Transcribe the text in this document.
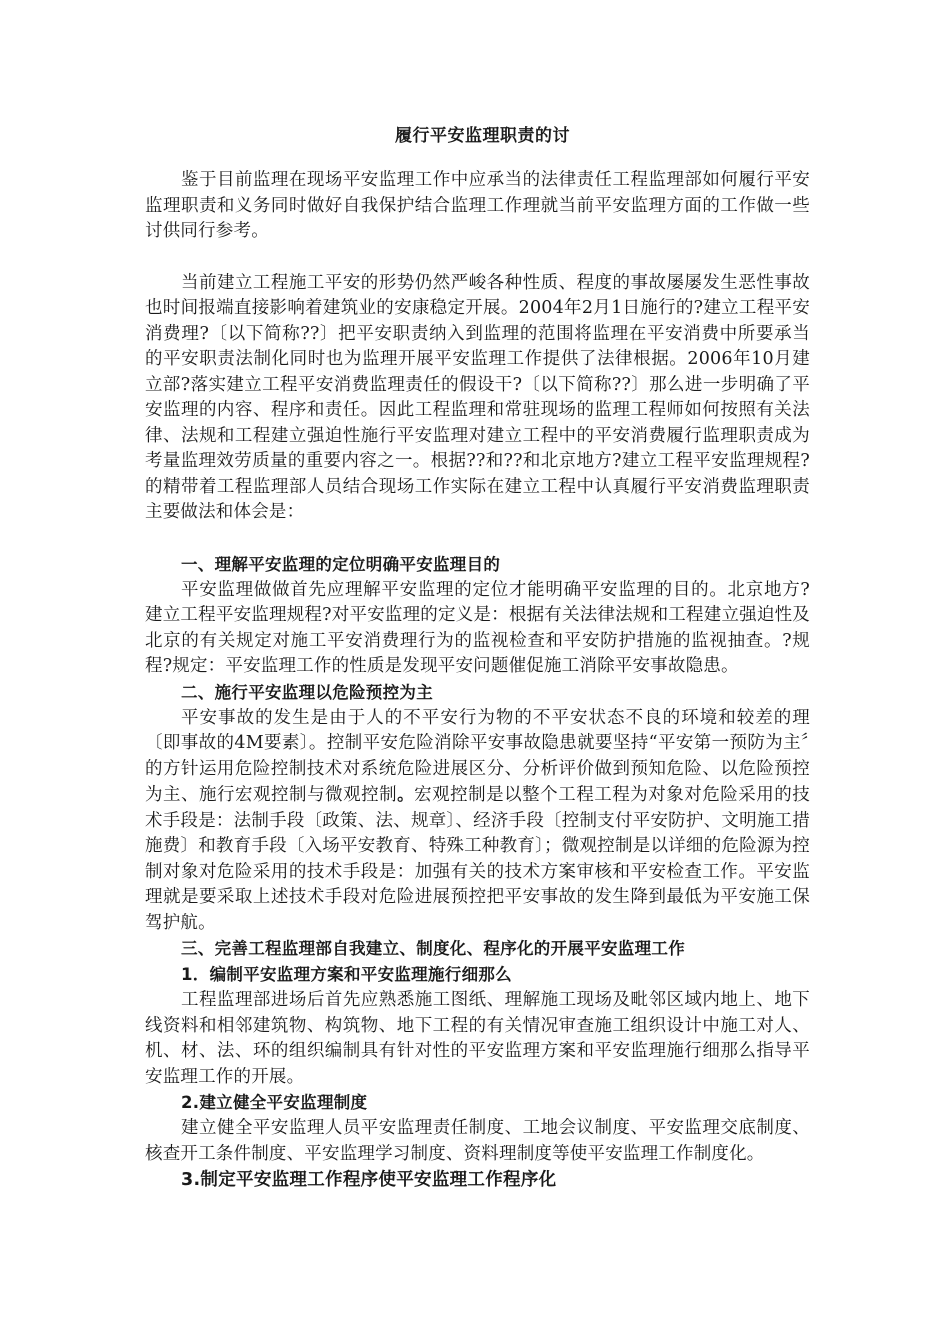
履行平安监理职责的讨

鉴于目前监理在现场平安监理工作中应承当的法律责任工程监理部如何履行平安监理职责和义务同时做好自我保护结合监理工作理就当前平安监理方面的工作做一些讨供同行参考。

当前建立工程施工平安的形势仍然严峻各种性质、程度的事故屡屡发生恶性事故也时间报端直接影响着建筑业的安康稳定开展。2004年2月1日施行的?建立工程平安消费理?〔以下简称??〕把平安职责纳入到监理的范围将监理在平安消费中所要承当的平安职责法制化同时也为监理开展平安监理工作提供了法律根据。2006年10月建立部?落实建立工程平安消费监理责任的假设干?〔以下简称??〕那么进一步明确了平安监理的内容、程序和责任。因此工程监理和常驻现场的监理工程师如何按照有关法律、法规和工程建立强迫性施行平安监理对建立工程中的平安消费履行监理职责成为考量监理效劳质量的重要内容之一。根据??和??和北京地方?建立工程平安监理规程?的精带着工程监理部人员结合现场工作实际在建立工程中认真履行平安消费监理职责主要做法和体会是：

一、理解平安监理的定位明确平安监理目的

平安监理做做首先应理解平安监理的定位才能明确平安监理的目的。北京地方?建立工程平安监理规程?对平安监理的定义是：根据有关法律法规和工程建立强迫性及北京的有关规定对施工平安消费理行为的监视检查和平安防护措施的监视抽查。?规程?规定：平安监理工作的性质是发现平安问题催促施工消除平安事故隐患。

二、施行平安监理以危险预控为主

平安事故的发生是由于人的不平安行为物的不平安状态不良的环境和较差的理〔即事故的4M要素〕。控制平安危险消除平安事故隐患就要坚持“平安第一预防为主〞的方针运用危险控制技术对系统危险进展区分、分析评价做到预知危险、以危险预控为主、施行宏观控制与微观控制。宏观控制是以整个工程工程为对象对危险采用的技术手段是：法制手段〔政策、法、规章〕、经济手段〔控制支付平安防护、文明施工措施费〕和教育手段〔入场平安教育、特殊工种教育〕；微观控制是以详细的危险源为控制对象对危险采用的技术手段是：加强有关的技术方案审核和平安检查工作。平安监理就是要采取上述技术手段对危险进展预控把平安事故的发生降到最低为平安施工保驾护航。

三、完善工程监理部自我建立、制度化、程序化的开展平安监理工作
1．编制平安监理方案和平安监理施行细那么

工程监理部进场后首先应熟悉施工图纸、理解施工现场及毗邻区域内地上、地下线资料和相邻建筑物、构筑物、地下工程的有关情况审查施工组织设计中施工对人、机、材、法、环的组织编制具有针对性的平安监理方案和平安监理施行细那么指导平安监理工作的开展。

2.建立健全平安监理制度

建立健全平安监理人员平安监理责任制度、工地会议制度、平安监理交底制度、核查开工条件制度、平安监理学习制度、资料理制度等使平安监理工作制度化。

3.制定平安监理工作程序使平安监理工作程序化
